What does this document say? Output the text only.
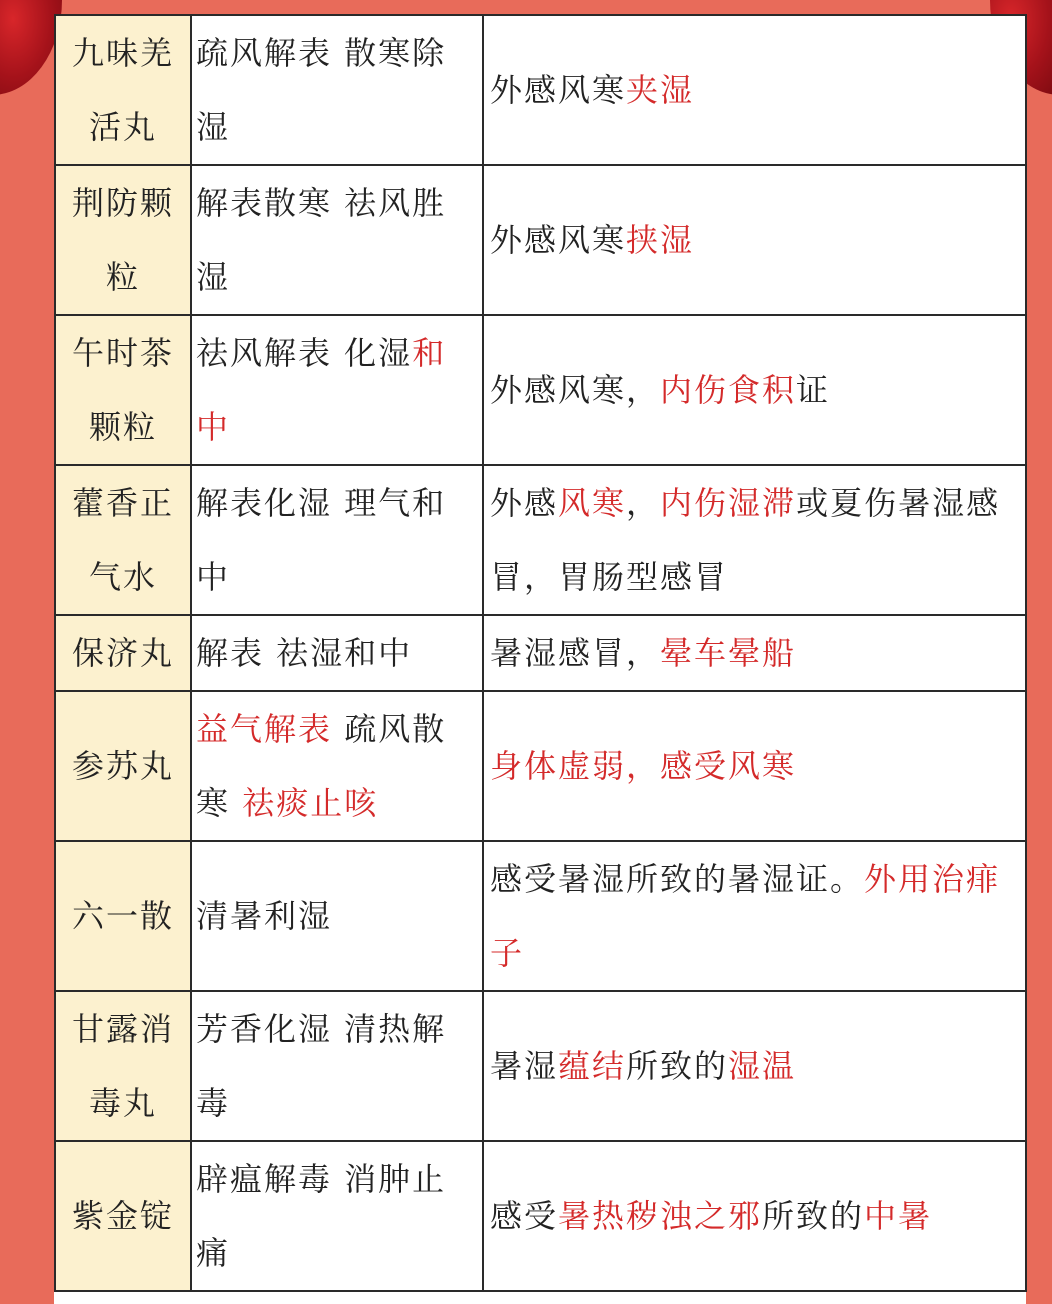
九味羌活丸	疏风解表 散寒除湿	外感风寒夹湿
荆防颗粒	解表散寒 祛风胜湿	外感风寒挟湿
午时茶颗粒	祛风解表 化湿和中	外感风寒，内伤食积证
藿香正气水	解表化湿 理气和中	外感风寒，内伤湿滞或夏伤暑湿感冒，胃肠型感冒
保济丸	解表 祛湿和中	暑湿感冒，晕车晕船
参苏丸	益气解表 疏风散寒 祛痰止咳	身体虚弱，感受风寒
六一散	清暑利湿	感受暑湿所致的暑湿证。外用治痱子
甘露消毒丸	芳香化湿 清热解毒	暑湿蕴结所致的湿温
紫金锭	辟瘟解毒 消肿止痛	感受暑热秽浊之邪所致的中暑
